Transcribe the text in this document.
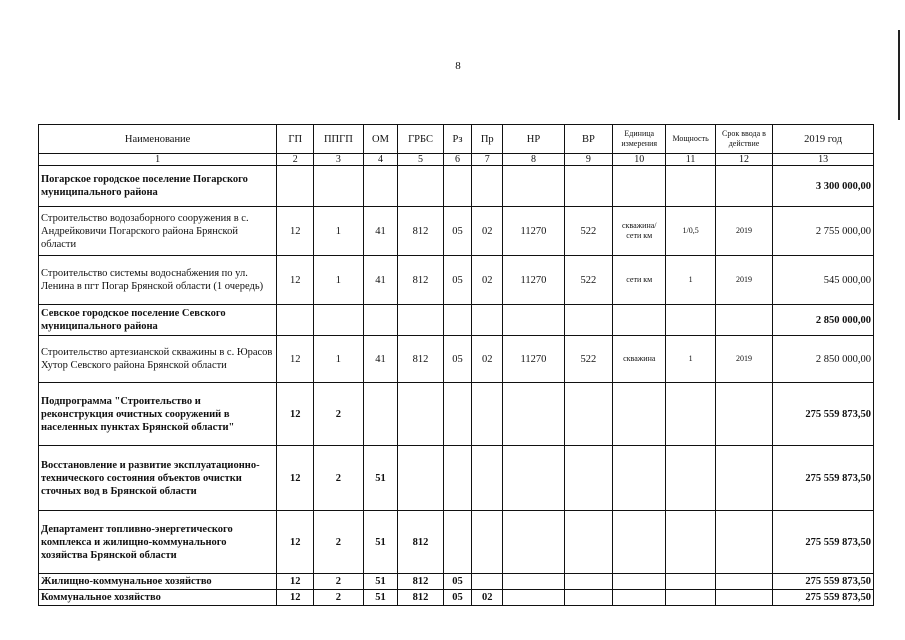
8
Наименование	ГП	ППГП	ОМ	ГРБС	Рз	Пр	НР	ВР	Единица измерения	Мощность	Срок ввода в действие	2019 год
1	2	3	4	5	6	7	8	9	10	11	12	13
Погарское городское поселение Погарского муниципального района												3 300 000,00
Строительство водозаборного сооружения в с. Андрейковичи Погарского района Брянской области	12	1	41	812	05	02	11270	522	скважина/ сети км	1/0,5	2019	2 755 000,00
Строительство системы водоснабжения по ул. Ленина в пгт Погар Брянской области (1 очередь)	12	1	41	812	05	02	11270	522	сети км	1	2019	545 000,00
Севское городское поселение Севского муниципального района												2 850 000,00
Строительство артезианской скважины в с. Юрасов Хутор Севского района Брянской области	12	1	41	812	05	02	11270	522	скважина	1	2019	2 850 000,00
Подпрограмма "Строительство и реконструкция очистных сооружений в населенных пунктах Брянской области"	12	2										275 559 873,50
Восстановление и развитие эксплуатационно-технического состояния объектов очистки сточных вод в Брянской области	12	2	51									275 559 873,50
Департамент топливно-энергетического комплекса и жилищно-коммунального хозяйства Брянской области	12	2	51	812								275 559 873,50
Жилищно-коммунальное хозяйство	12	2	51	812	05							275 559 873,50
Коммунальное хозяйство	12	2	51	812	05	02						275 559 873,50
